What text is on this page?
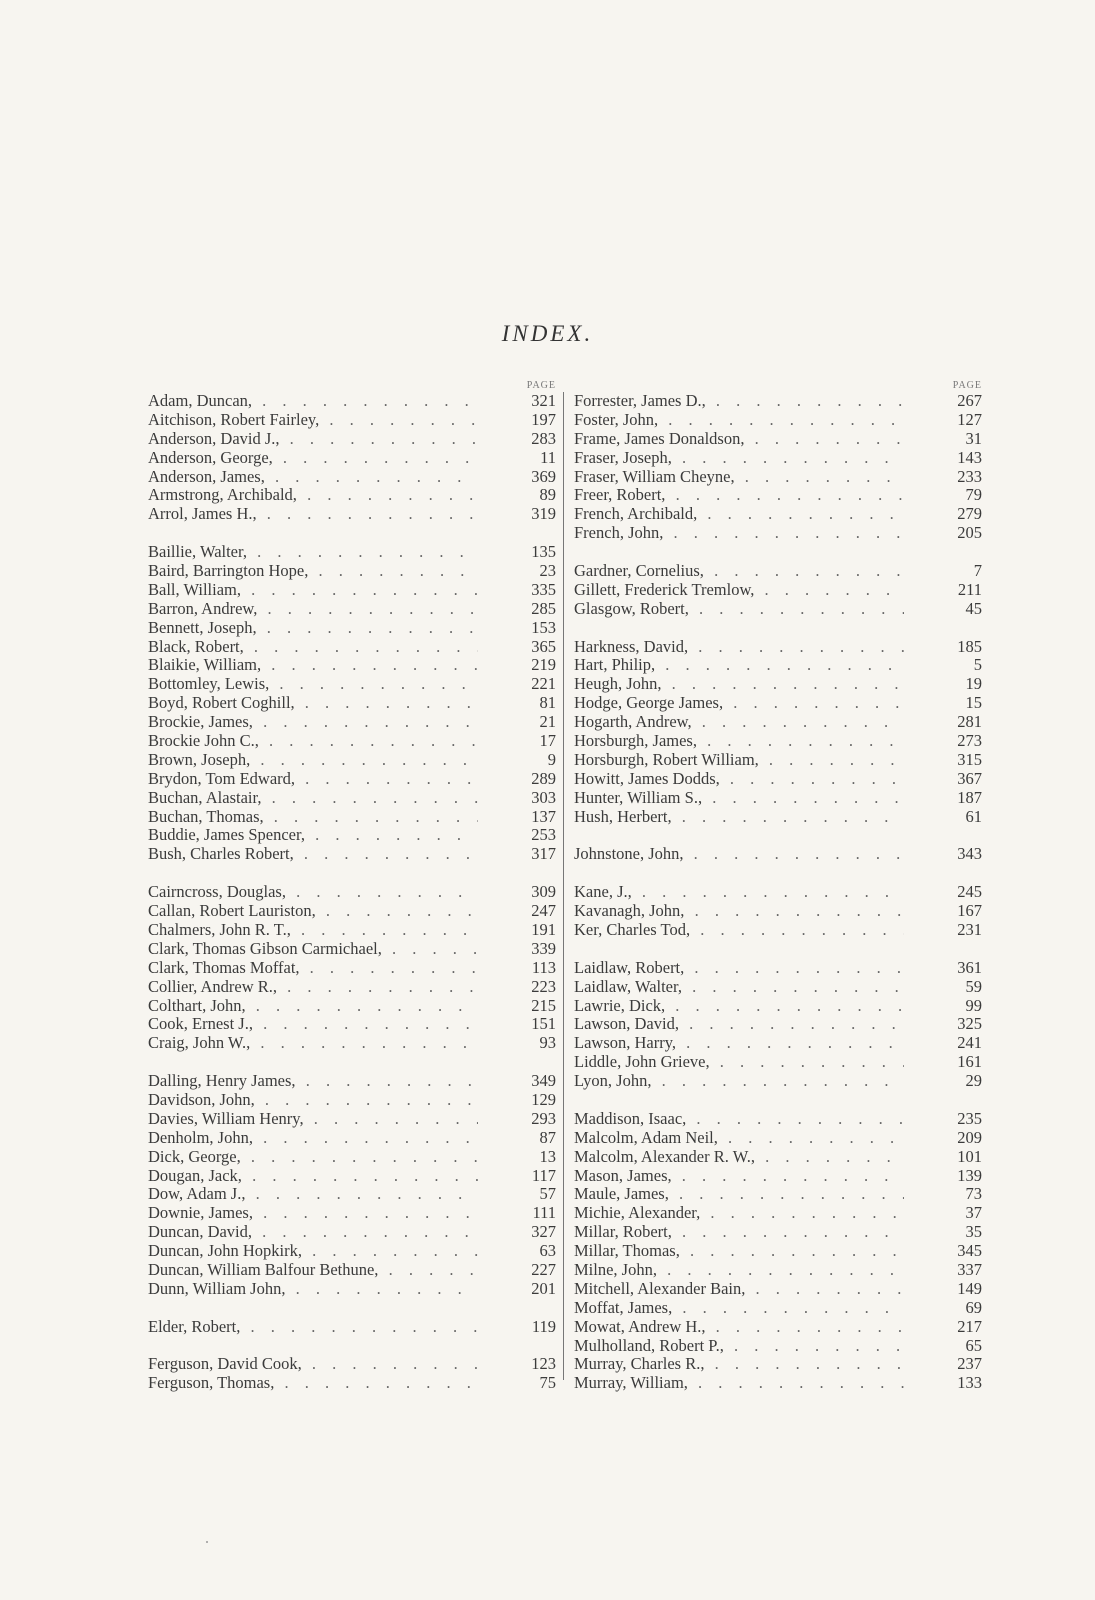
INDEX.
PAGE
Adam, Duncan, . . .	321
Aitchison, Robert Fairley, . . .	197
Anderson, David J., . . .	283
Anderson, George, . . .	11
Anderson, James, . . .	369
Armstrong, Archibald, . . .	89
Arrol, James H., . . .	319
Baillie, Walter, . . .	135
Baird, Barrington Hope, . . .	23
Ball, William, . . .	335
Barron, Andrew, . . .	285
Bennett, Joseph, . . .	153
Black, Robert, . . .	365
Blaikie, William, . . .	219
Bottomley, Lewis, . . .	221
Boyd, Robert Coghill, . . .	81
Brockie, James, . . .	21
Brockie John C., . . .	17
Brown, Joseph, . . .	9
Brydon, Tom Edward, . . .	289
Buchan, Alastair, . . .	303
Buchan, Thomas, . . .	137
Buddie, James Spencer, . . .	253
Bush, Charles Robert, . . .	317
Cairncross, Douglas, . . .	309
Callan, Robert Lauriston, . . .	247
Chalmers, John R. T., . . .	191
Clark, Thomas Gibson Carmichael, . . .	339
Clark, Thomas Moffat, . . .	113
Collier, Andrew R., . . .	223
Colthart, John, . . .	215
Cook, Ernest J., . . .	151
Craig, John W., . . .	93
Dalling, Henry James, . . .	349
Davidson, John, . . .	129
Davies, William Henry, . . .	293
Denholm, John, . . .	87
Dick, George, . . .	13
Dougan, Jack, . . .	117
Dow, Adam J., . . .	57
Downie, James, . . .	111
Duncan, David, . . .	327
Duncan, John Hopkirk, . . .	63
Duncan, William Balfour Bethune, . . .	227
Dunn, William John, . . .	201
Elder, Robert, . . .	119
Ferguson, David Cook, . . .	123
Ferguson, Thomas, . . .	75
PAGE
Forrester, James D., . . .	267
Foster, John, . . .	127
Frame, James Donaldson, . . .	31
Fraser, Joseph, . . .	143
Fraser, William Cheyne, . . .	233
Freer, Robert, . . .	79
French, Archibald, . . .	279
French, John, . . .	205
Gardner, Cornelius, . . .	7
Gillett, Frederick Tremlow, . . .	211
Glasgow, Robert, . . .	45
Harkness, David, . . .	185
Hart, Philip, . . .	5
Heugh, John, . . .	19
Hodge, George James, . . .	15
Hogarth, Andrew, . . .	281
Horsburgh, James, . . .	273
Horsburgh, Robert William, . . .	315
Howitt, James Dodds, . . .	367
Hunter, William S., . . .	187
Hush, Herbert, . . .	61
Johnstone, John, . . .	343
Kane, J., . . .	245
Kavanagh, John, . . .	167
Ker, Charles Tod, . . .	231
Laidlaw, Robert, . . .	361
Laidlaw, Walter, . . .	59
Lawrie, Dick, . . .	99
Lawson, David, . . .	325
Lawson, Harry, . . .	241
Liddle, John Grieve, . . .	161
Lyon, John, . . .	29
Maddison, Isaac, . . .	235
Malcolm, Adam Neil, . . .	209
Malcolm, Alexander R. W., . . .	101
Mason, James, . . .	139
Maule, James, . . .	73
Michie, Alexander, . . .	37
Millar, Robert, . . .	35
Millar, Thomas, . . .	345
Milne, John, . . .	337
Mitchell, Alexander Bain, . . .	149
Moffat, James, . . .	69
Mowat, Andrew H., . . .	217
Mulholland, Robert P., . . .	65
Murray, Charles R., . . .	237
Murray, William, . . .	133
